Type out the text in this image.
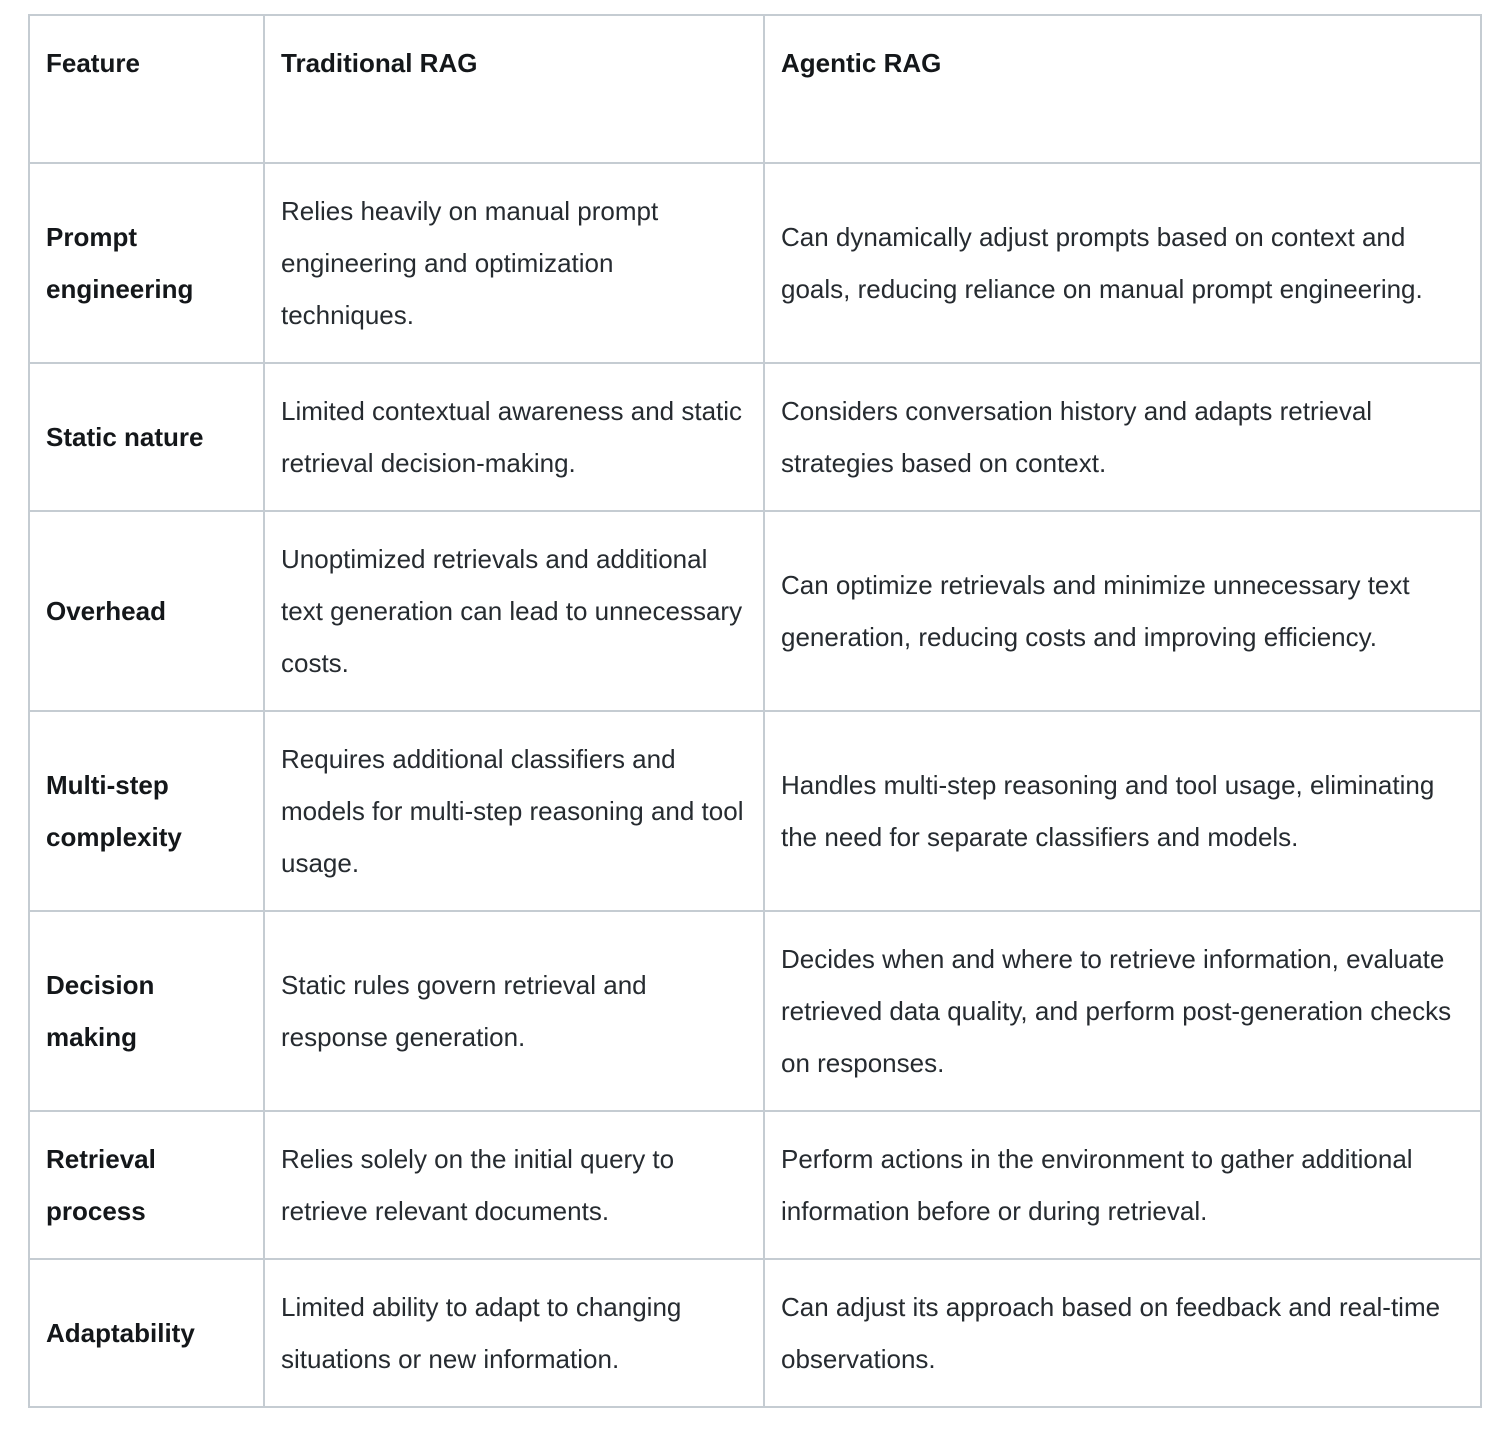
Feature	Traditional RAG	Agentic RAG
Prompt engineering	Relies heavily on manual prompt engineering and optimization techniques.	Can dynamically adjust prompts based on context and goals, reducing reliance on manual prompt engineering.
Static nature	Limited contextual awareness and static retrieval decision-making.	Considers conversation history and adapts retrieval strategies based on context.
Overhead	Unoptimized retrievals and additional text generation can lead to unnecessary costs.	Can optimize retrievals and minimize unnecessary text generation, reducing costs and improving efficiency.
Multi-step complexity	Requires additional classifiers and models for multi-step reasoning and tool usage.	Handles multi-step reasoning and tool usage, eliminating the need for separate classifiers and models.
Decision making	Static rules govern retrieval and response generation.	Decides when and where to retrieve information, evaluate retrieved data quality, and perform post-generation checks on responses.
Retrieval process	Relies solely on the initial query to retrieve relevant documents.	Perform actions in the environment to gather additional information before or during retrieval.
Adaptability	Limited ability to adapt to changing situations or new information.	Can adjust its approach based on feedback and real-time observations.
